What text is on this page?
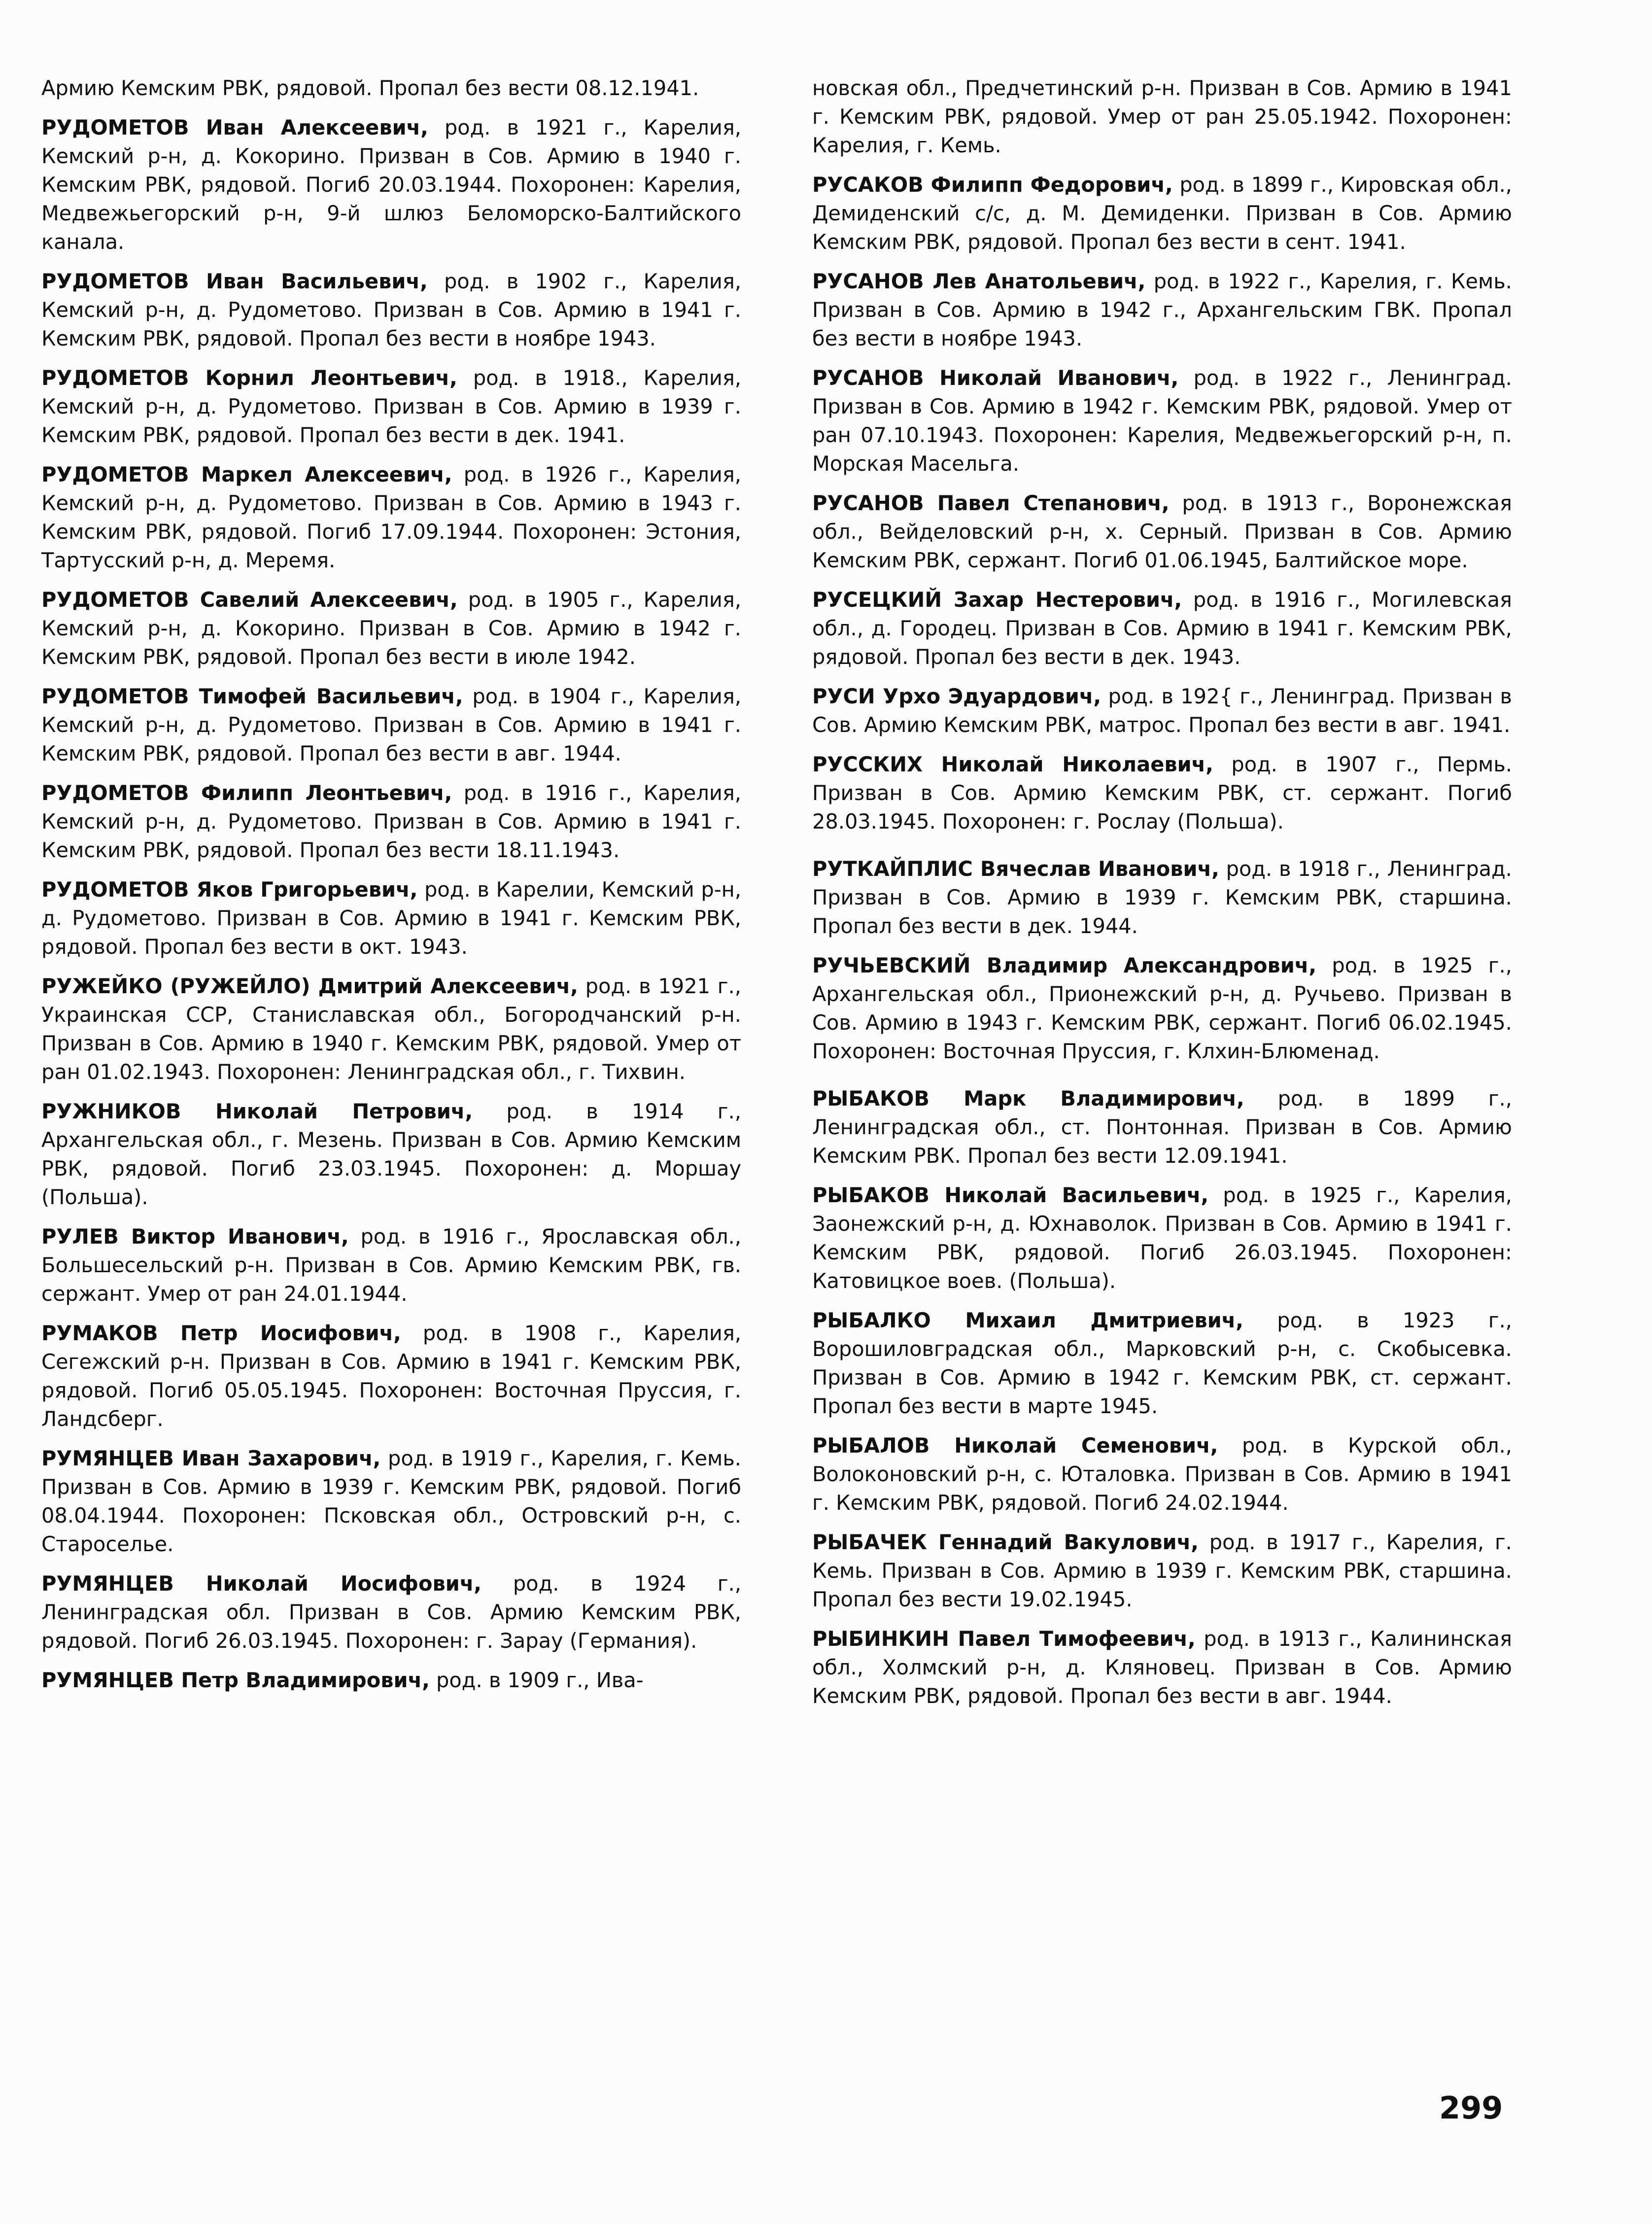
Армию Кемским РВК, рядовой. Пропал без вести 08.12.1941.

РУДОМЕТОВ Иван Алексеевич, род. в 1921 г., Карелия, Кемский р-н, д. Кокорино. Призван в Сов. Армию в 1940 г. Кемским РВК, рядовой. Погиб 20.03.1944. Похоронен: Карелия, Медвежьегорский р-н, 9-й шлюз Беломорско-Балтийского канала.

РУДОМЕТОВ Иван Васильевич, род. в 1902 г., Карелия, Кемский р-н, д. Рудометово. Призван в Сов. Армию в 1941 г. Кемским РВК, рядовой. Пропал без вести в ноябре 1943.

РУДОМЕТОВ Корнил Леонтьевич, род. в 1918., Карелия, Кемский р-н, д. Рудометово. Призван в Сов. Армию в 1939 г. Кемским РВК, рядовой. Пропал без вести в дек. 1941.

РУДОМЕТОВ Маркел Алексеевич, род. в 1926 г., Карелия, Кемский р-н, д. Рудометово. Призван в Сов. Армию в 1943 г. Кемским РВК, рядовой. Погиб 17.09.1944. Похоронен: Эстония, Тартусский р-н, д. Меремя.

РУДОМЕТОВ Савелий Алексеевич, род. в 1905 г., Карелия, Кемский р-н, д. Кокорино. Призван в Сов. Армию в 1942 г. Кемским РВК, рядовой. Пропал без вести в июле 1942.

РУДОМЕТОВ Тимофей Васильевич, род. в 1904 г., Карелия, Кемский р-н, д. Рудометово. Призван в Сов. Армию в 1941 г. Кемским РВК, рядовой. Пропал без вести в авг. 1944.

РУДОМЕТОВ Филипп Леонтьевич, род. в 1916 г., Карелия, Кемский р-н, д. Рудометово. Призван в Сов. Армию в 1941 г. Кемским РВК, рядовой. Пропал без вести 18.11.1943.

РУДОМЕТОВ Яков Григорьевич, род. в Карелии, Кемский р-н, д. Рудометово. Призван в Сов. Армию в 1941 г. Кемским РВК, рядовой. Пропал без вести в окт. 1943.

РУЖЕЙКО (РУЖЕЙЛО) Дмитрий Алексеевич, род. в 1921 г., Украинская ССР, Станиславская обл., Богородчанский р-н. Призван в Сов. Армию в 1940 г. Кемским РВК, рядовой. Умер от ран 01.02.1943. Похоронен: Ленинградская обл., г. Тихвин.

РУЖНИКОВ Николай Петрович, род. в 1914 г., Архангельская обл., г. Мезень. Призван в Сов. Армию Кемским РВК, рядовой. Погиб 23.03.1945. Похоронен: д. Моршау (Польша).

РУЛЕВ Виктор Иванович, род. в 1916 г., Ярославская обл., Большесельский р-н. Призван в Сов. Армию Кемским РВК, гв. сержант. Умер от ран 24.01.1944.

РУМАКОВ Петр Иосифович, род. в 1908 г., Карелия, Сегежский р-н. Призван в Сов. Армию в 1941 г. Кемским РВК, рядовой. Погиб 05.05.1945. Похоронен: Восточная Пруссия, г. Ландсберг.

РУМЯНЦЕВ Иван Захарович, род. в 1919 г., Карелия, г. Кемь. Призван в Сов. Армию в 1939 г. Кемским РВК, рядовой. Погиб 08.04.1944. Похоронен: Псковская обл., Островский р-н, с. Староселье.

РУМЯНЦЕВ Николай Иосифович, род. в 1924 г., Ленинградская обл. Призван в Сов. Армию Кемским РВК, рядовой. Погиб 26.03.1945. Похоронен: г. Зарау (Германия).

РУМЯНЦЕВ Петр Владимирович, род. в 1909 г., Ива-

новская обл., Предчетинский р-н. Призван в Сов. Армию в 1941 г. Кемским РВК, рядовой. Умер от ран 25.05.1942. Похоронен: Карелия, г. Кемь.

РУСАКОВ Филипп Федорович, род. в 1899 г., Кировская обл., Демиденский с/с, д. М. Демиденки. Призван в Сов. Армию Кемским РВК, рядовой. Пропал без вести в сент. 1941.

РУСАНОВ Лев Анатольевич, род. в 1922 г., Карелия, г. Кемь. Призван в Сов. Армию в 1942 г., Архангельским ГВК. Пропал без вести в ноябре 1943.

РУСАНОВ Николай Иванович, род. в 1922 г., Ленинград. Призван в Сов. Армию в 1942 г. Кемским РВК, рядовой. Умер от ран 07.10.1943. Похоронен: Карелия, Медвежьегорский р-н, п. Морская Масельга.

РУСАНОВ Павел Степанович, род. в 1913 г., Воронежская обл., Вейделовский р-н, х. Серный. Призван в Сов. Армию Кемским РВК, сержант. Погиб 01.06.1945, Балтийское море.

РУСЕЦКИЙ Захар Нестерович, род. в 1916 г., Могилевская обл., д. Городец. Призван в Сов. Армию в 1941 г. Кемским РВК, рядовой. Пропал без вести в дек. 1943.

РУСИ Урхо Эдуардович, род. в 192{ г., Ленинград. Призван в Сов. Армию Кемским РВК, матрос. Пропал без вести в авг. 1941.

РУССКИХ Николай Николаевич, род. в 1907 г., Пермь. Призван в Сов. Армию Кемским РВК, ст. сержант. Погиб 28.03.1945. Похоронен: г. Рослау (Польша).

РУТКАЙПЛИС Вячеслав Иванович, род. в 1918 г., Ленинград. Призван в Сов. Армию в 1939 г. Кемским РВК, старшина. Пропал без вести в дек. 1944.

РУЧЬЕВСКИЙ Владимир Александрович, род. в 1925 г., Архангельская обл., Прионежский р-н, д. Ручьево. Призван в Сов. Армию в 1943 г. Кемским РВК, сержант. Погиб 06.02.1945. Похоронен: Восточная Пруссия, г. Клхин-Блюменад.

РЫБАКОВ Марк Владимирович, род. в 1899 г., Ленинградская обл., ст. Понтонная. Призван в Сов. Армию Кемским РВК. Пропал без вести 12.09.1941.

РЫБАКОВ Николай Васильевич, род. в 1925 г., Карелия, Заонежский р-н, д. Юхнаволок. Призван в Сов. Армию в 1941 г. Кемским РВК, рядовой. Погиб 26.03.1945. Похоронен: Катовицкое воев. (Польша).

РЫБАЛКО Михаил Дмитриевич, род. в 1923 г., Ворошиловградская обл., Марковский р-н, с. Скобысевка. Призван в Сов. Армию в 1942 г. Кемским РВК, ст. сержант. Пропал без вести в марте 1945.

РЫБАЛОВ Николай Семенович, род. в Курской обл., Волоконовский р-н, с. Юталовка. Призван в Сов. Армию в 1941 г. Кемским РВК, рядовой. Погиб 24.02.1944.

РЫБАЧЕК Геннадий Вакулович, род. в 1917 г., Карелия, г. Кемь. Призван в Сов. Армию в 1939 г. Кемским РВК, старшина. Пропал без вести 19.02.1945.

РЫБИНКИН Павел Тимофеевич, род. в 1913 г., Калининская обл., Холмский р-н, д. Кляновец. Призван в Сов. Армию Кемским РВК, рядовой. Пропал без вести в авг. 1944.

299
